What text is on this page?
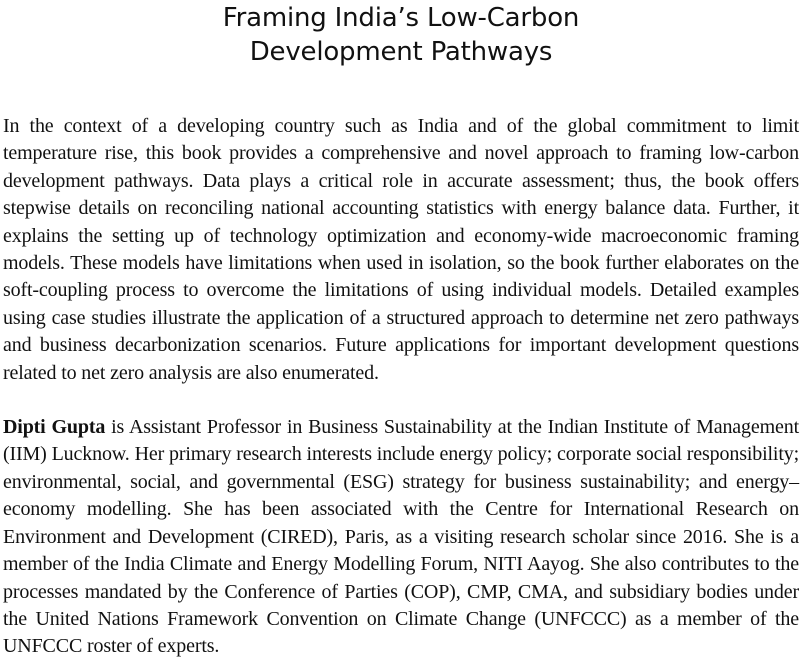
Framing India’s Low-Carbon
Development Pathways

In the context of a developing country such as India and of the global commitment to limit temperature rise, this book provides a comprehensive and novel approach to framing low-carbon development pathways. Data plays a critical role in accurate assessment; thus, the book offers stepwise details on reconciling national accounting statistics with energy balance data. Further, it explains the setting up of technology optimization and economy-wide macroeconomic framing models. These models have limitations when used in isolation, so the book further elaborates on the soft-coupling process to overcome the limitations of using individual models. Detailed examples using case studies illustrate the application of a structured approach to determine net zero pathways and business decarbonization scenarios. Future applications for important development questions related to net zero analysis are also enumerated.

Dipti Gupta is Assistant Professor in Business Sustainability at the Indian Institute of Management (IIM) Lucknow. Her primary research interests include energy policy; corporate social responsibility; environmental, social, and governmental (ESG) strategy for business sustainability; and energy–economy modelling. She has been associated with the Centre for International Research on Environment and Development (CIRED), Paris, as a visiting research scholar since 2016. She is a member of the India Climate and Energy Modelling Forum, NITI Aayog. She also contributes to the processes mandated by the Conference of Parties (COP), CMP, CMA, and subsidiary bodies under the United Nations Framework Convention on Climate Change (UNFCCC) as a member of the UNFCCC roster of experts.
